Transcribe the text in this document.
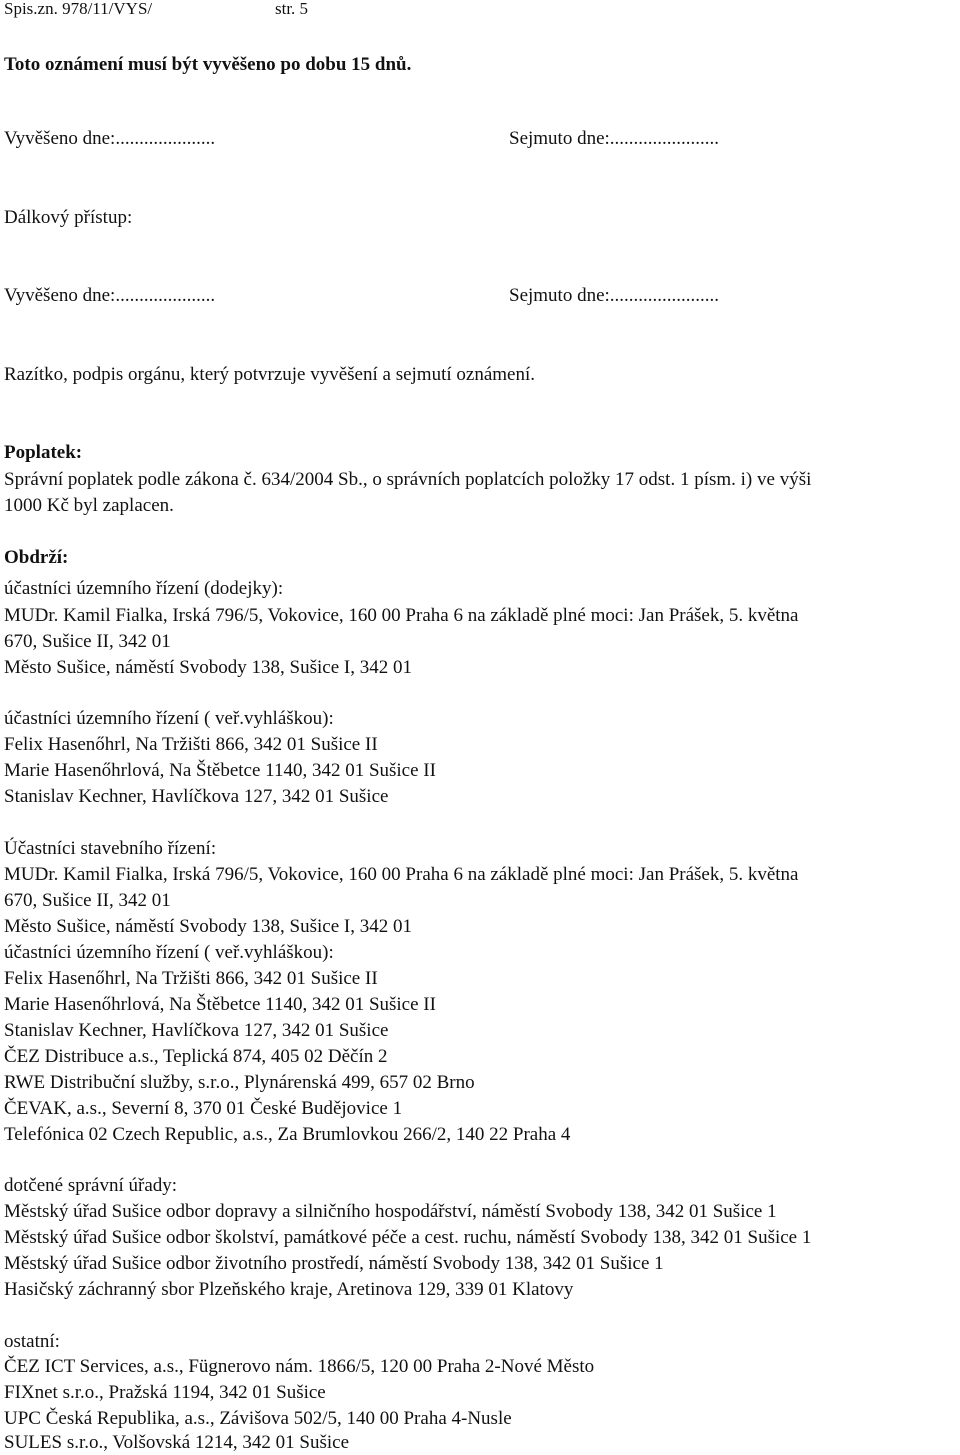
Spis.zn. 978/11/VYS/	str. 5
Toto oznámení musí být vyvěšeno po dobu 15 dnů.
Vyvěšeno dne:.....................	Sejmuto dne:.......................
Dálkový přístup:
Vyvěšeno dne:.....................	Sejmuto dne:.......................
Razítko, podpis orgánu, který potvrzuje vyvěšení a sejmutí oznámení.
Poplatek:
Správní poplatek podle zákona č. 634/2004 Sb., o správních poplatcích položky 17 odst. 1 písm. i) ve výši
1000 Kč byl zaplacen.
Obdrží:
účastníci územního řízení (dodejky):
MUDr. Kamil Fialka, Irská 796/5, Vokovice, 160 00 Praha 6 na základě plné moci: Jan Prášek, 5. května
670, Sušice II, 342 01
Město Sušice, náměstí Svobody 138, Sušice I, 342 01
účastníci územního řízení ( veř.vyhláškou):
Felix Hasenőhrl, Na Tržišti 866, 342 01 Sušice II
Marie Hasenőhrlová, Na Štěbetce 1140, 342 01 Sušice II
Stanislav Kechner, Havlíčkova 127, 342 01 Sušice
Účastníci stavebního řízení:
MUDr. Kamil Fialka, Irská 796/5, Vokovice, 160 00 Praha 6 na základě plné moci: Jan Prášek, 5. května
670, Sušice II, 342 01
Město Sušice, náměstí Svobody 138, Sušice I, 342 01
účastníci územního řízení ( veř.vyhláškou):
Felix Hasenőhrl, Na Tržišti 866, 342 01 Sušice II
Marie Hasenőhrlová, Na Štěbetce 1140, 342 01 Sušice II
Stanislav Kechner, Havlíčkova 127, 342 01 Sušice
ČEZ Distribuce a.s., Teplická 874, 405 02 Děčín 2
RWE Distribuční služby, s.r.o., Plynárenská 499, 657 02 Brno
ČEVAK, a.s., Severní 8, 370 01 České Budějovice 1
Telefónica 02 Czech Republic, a.s., Za Brumlovkou 266/2, 140 22 Praha 4
dotčené správní úřady:
Městský úřad Sušice odbor dopravy a silničního hospodářství, náměstí Svobody 138, 342 01 Sušice 1
Městský úřad Sušice odbor školství, památkové péče a cest. ruchu, náměstí Svobody 138, 342 01 Sušice 1
Městský úřad Sušice odbor životního prostředí, náměstí Svobody 138, 342 01 Sušice 1
Hasičský záchranný sbor Plzeňského kraje, Aretinova 129, 339 01 Klatovy
ostatní:
ČEZ ICT Services, a.s., Fügnerovo nám. 1866/5, 120 00 Praha 2-Nové Město
FIXnet s.r.o., Pražská 1194, 342 01 Sušice
UPC Česká Republika, a.s., Závišova 502/5, 140 00 Praha 4-Nusle
SULES s.r.o., Volšovská 1214, 342 01 Sušice
